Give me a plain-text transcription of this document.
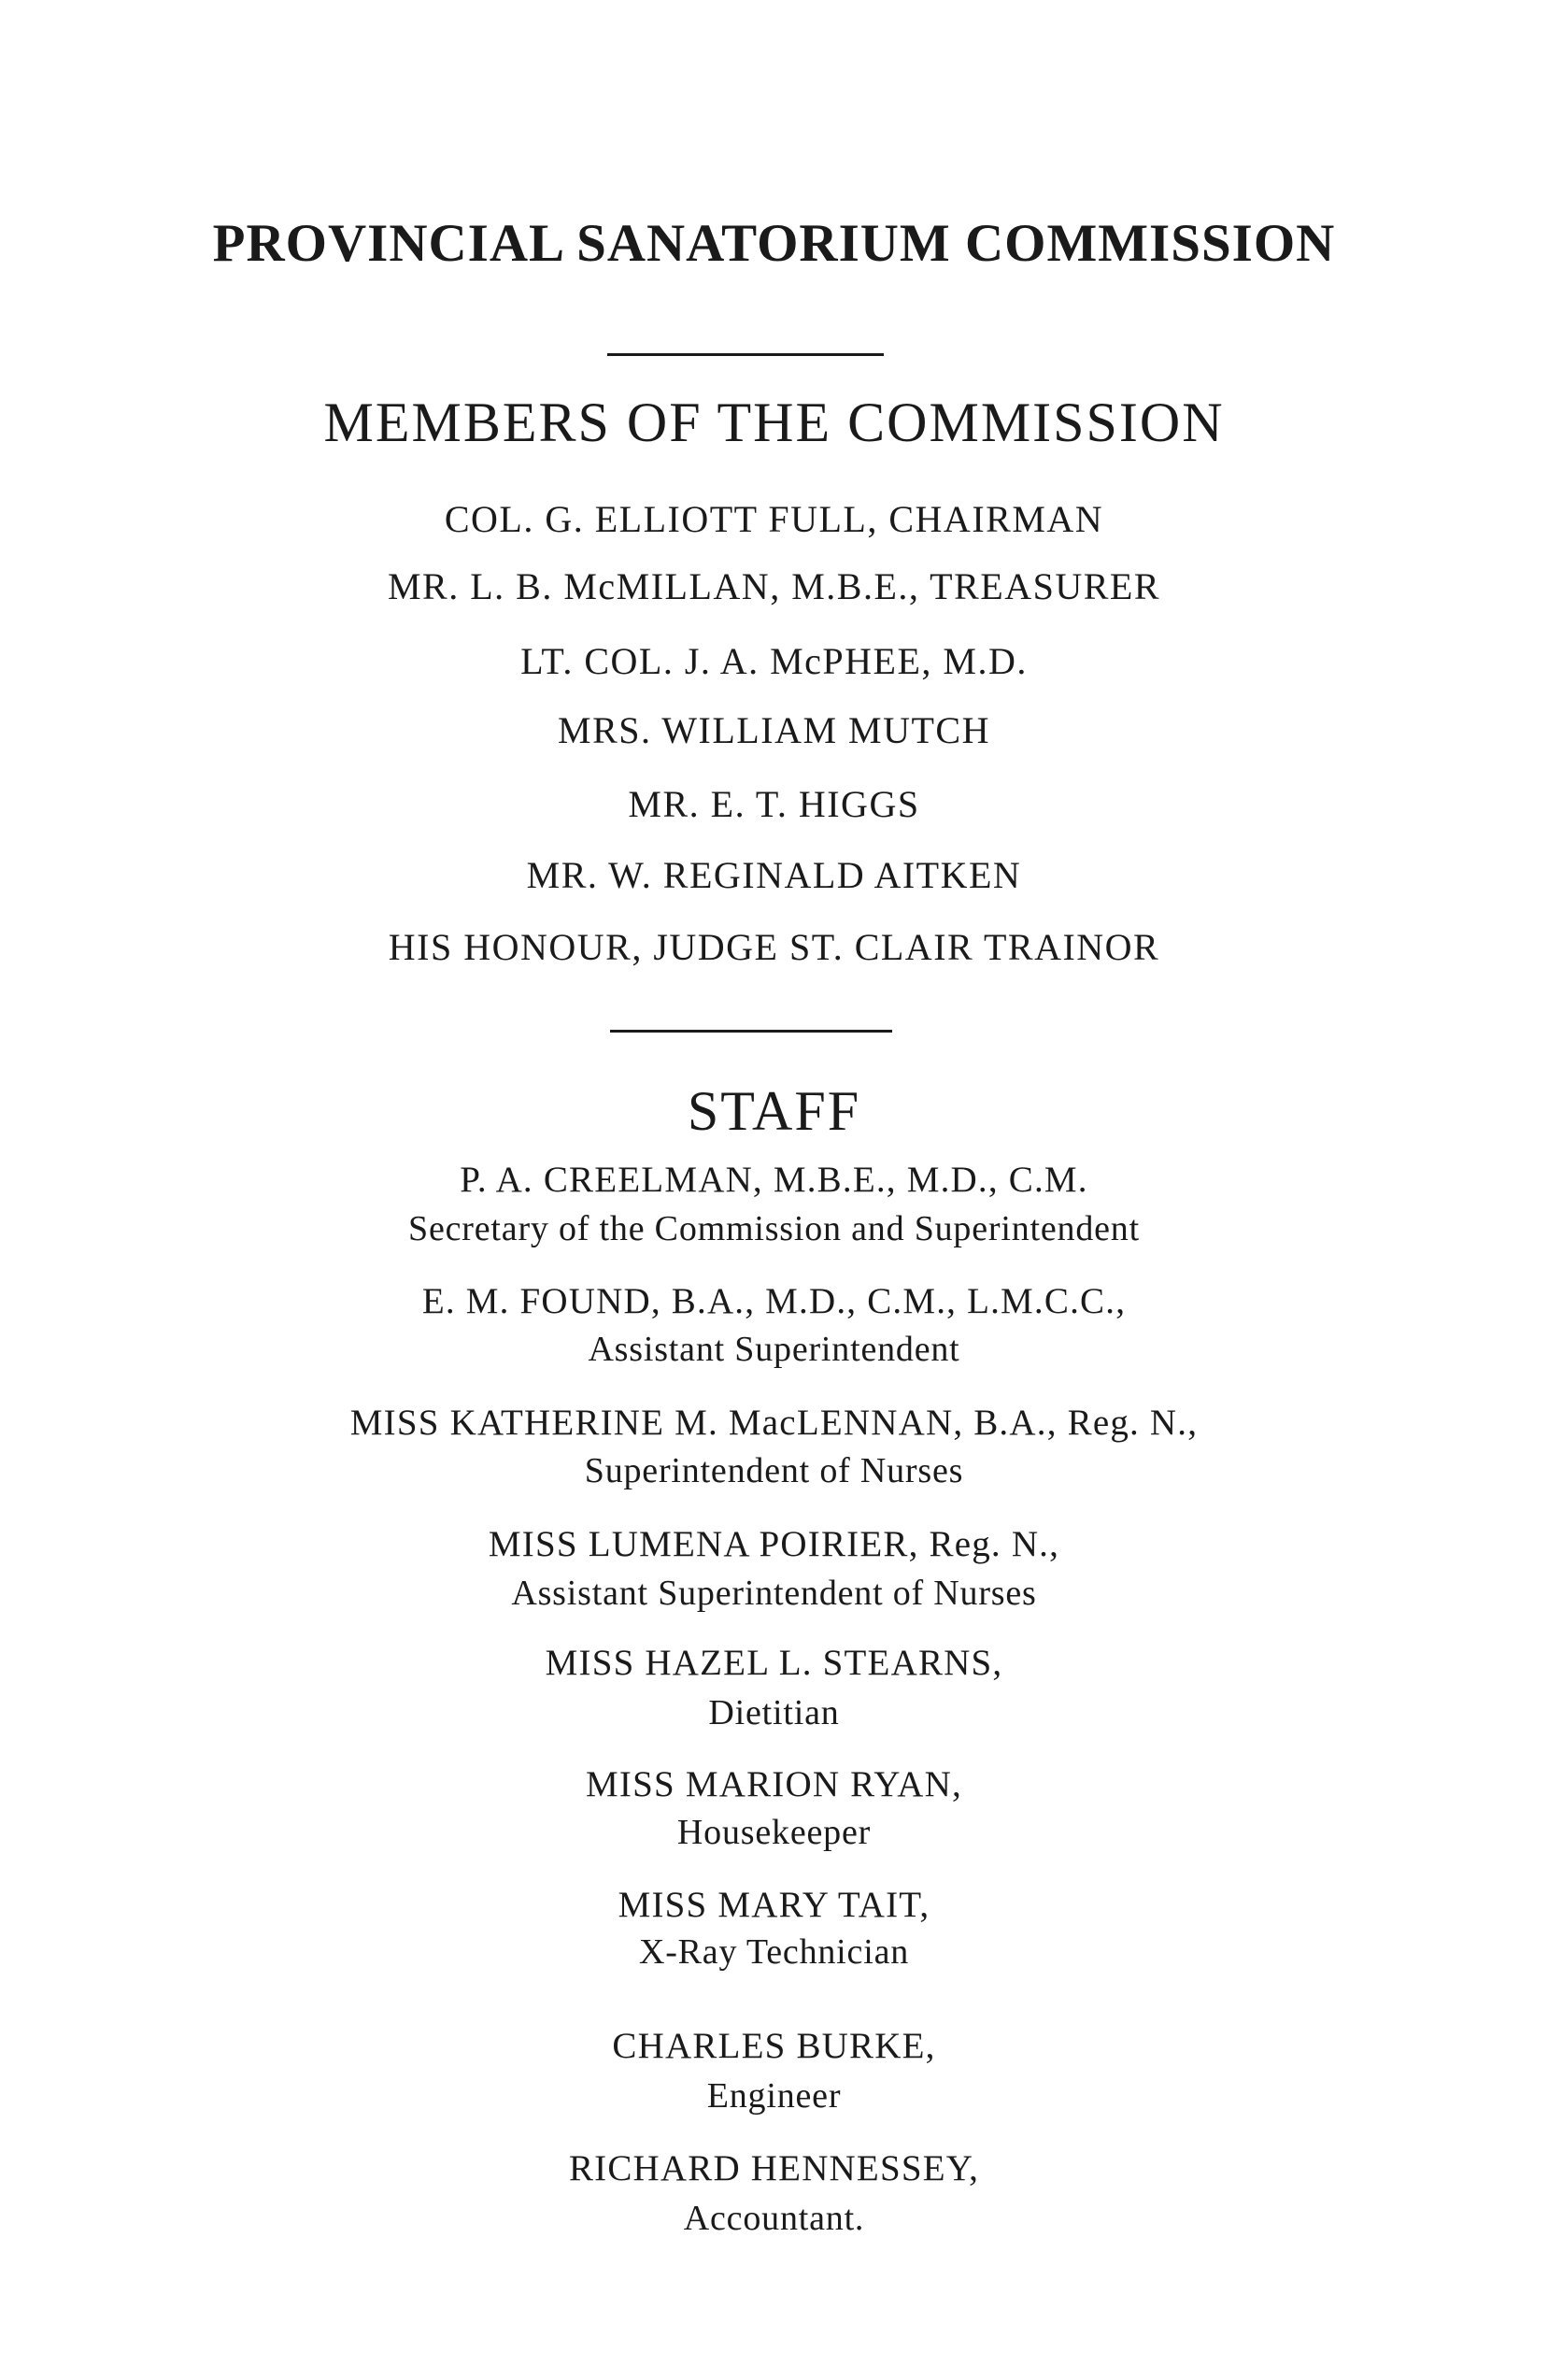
PROVINCIAL SANATORIUM COMMISSION
MEMBERS OF THE COMMISSION

COL. G. ELLIOTT FULL, CHAIRMAN

MR. L. B. McMILLAN, M.B.E., TREASURER

LT. COL. J. A. McPHEE, M.D.

MRS. WILLIAM MUTCH

MR. E. T. HIGGS

MR. W. REGINALD AITKEN

HIS HONOUR, JUDGE ST. CLAIR TRAINOR

STAFF

P. A. CREELMAN, M.B.E., M.D., C.M.

Secretary of the Commission and Superintendent

E. M. FOUND, B.A., M.D., C.M., L.M.C.C.,

Assistant Superintendent

MISS KATHERINE M. MacLENNAN, B.A., Reg. N.,

Superintendent of Nurses

MISS LUMENA POIRIER, Reg. N.,

Assistant Superintendent of Nurses

MISS HAZEL L. STEARNS,

Dietitian

MISS MARION RYAN,

Housekeeper

MISS MARY TAIT,

X-Ray Technician

CHARLES BURKE,

Engineer

RICHARD HENNESSEY,

Accountant.
